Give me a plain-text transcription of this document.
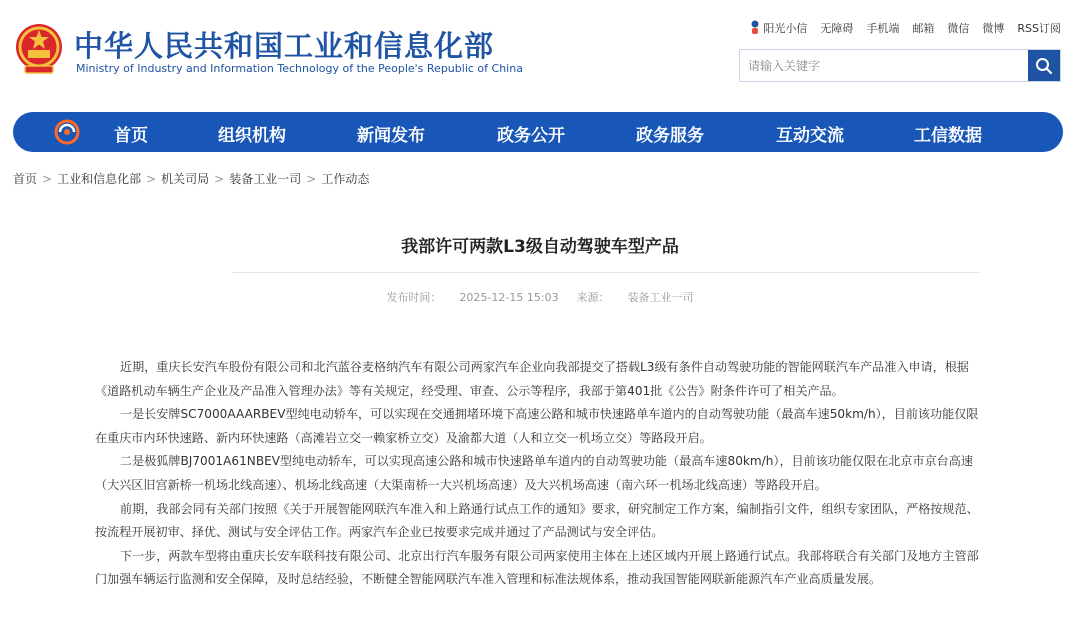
中华人民共和国工业和信息化部
Ministry of Industry and Information Technology of the People's Republic of China
阳光小信 无障碍 手机端 邮箱 微信 微博 RSS订阅
请输入关键字
首页	组织机构	新闻发布	政务公开	政务服务	互动交流	工信数据
首页 > 工业和信息化部 > 机关司局 > 装备工业一司 > 工作动态
我部许可两款L3级自动驾驶车型产品
发布时间： 2025-12-15 15:03 来源： 装备工业一司

近期，重庆长安汽车股份有限公司和北汽蓝谷麦格纳汽车有限公司两家汽车企业向我部提交了搭载L3级有条件自动驾驶功能的智能网联汽车产品准入申请，根据《道路机动车辆生产企业及产品准入管理办法》等有关规定，经受理、审查、公示等程序，我部于第401批《公告》附条件许可了相关产品。

一是长安牌SC7000AAARBEV型纯电动轿车，可以实现在交通拥堵环境下高速公路和城市快速路单车道内的自动驾驶功能（最高车速50km/h），目前该功能仅限在重庆市内环快速路、新内环快速路（高滩岩立交一赖家桥立交）及渝都大道（人和立交一机场立交）等路段开启。

二是极狐牌BJ7001A61NBEV型纯电动轿车，可以实现高速公路和城市快速路单车道内的自动驾驶功能（最高车速80km/h），目前该功能仅限在北京市京台高速（大兴区旧宫新桥一机场北线高速）、机场北线高速（大渠南桥一大兴机场高速）及大兴机场高速（南六环一机场北线高速）等路段开启。

前期，我部会同有关部门按照《关于开展智能网联汽车准入和上路通行试点工作的通知》要求，研究制定工作方案，编制指引文件，组织专家团队，严格按规范、按流程开展初审、择优、测试与安全评估工作。两家汽车企业已按要求完成并通过了产品测试与安全评估。

下一步，两款车型将由重庆长安车联科技有限公司、北京出行汽车服务有限公司两家使用主体在上述区域内开展上路通行试点。我部将联合有关部门及地方主管部门加强车辆运行监测和安全保障，及时总结经验，不断健全智能网联汽车准入管理和标准法规体系，推动我国智能网联新能源汽车产业高质量发展。
